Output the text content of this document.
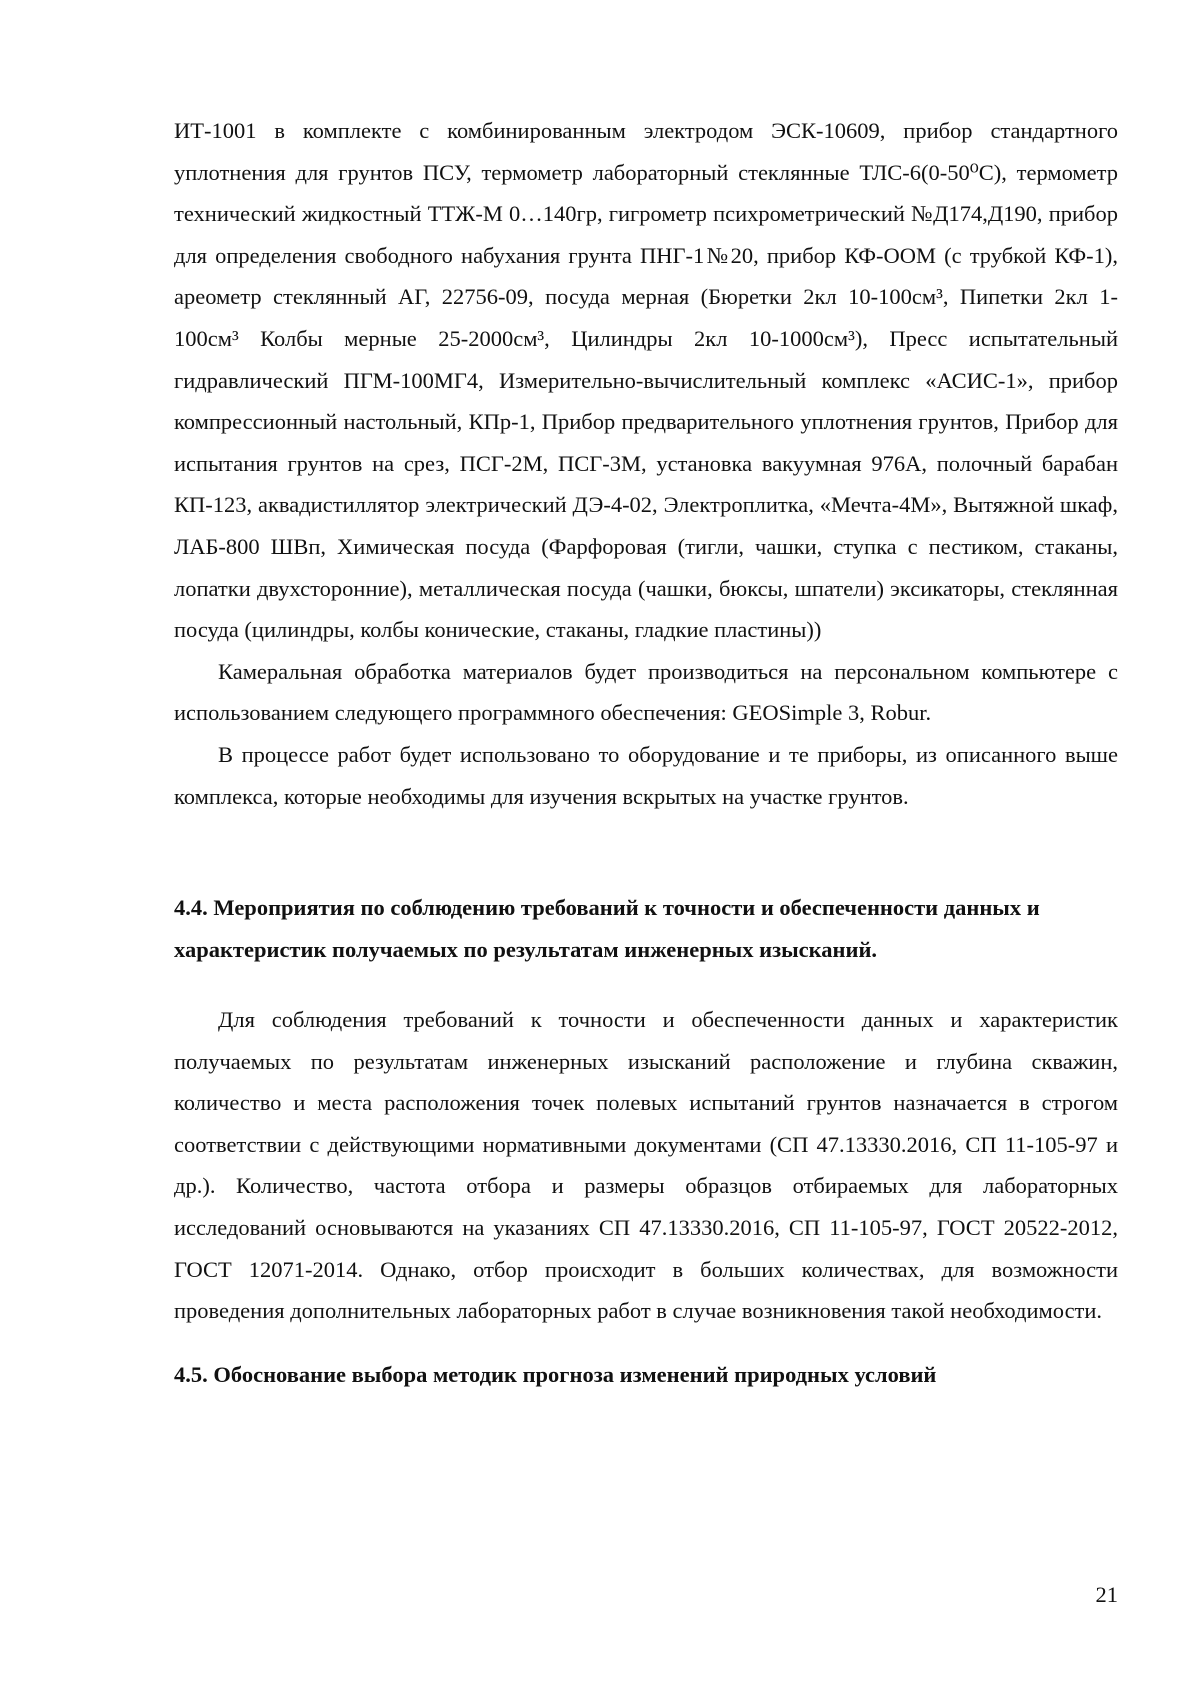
ИТ-1001 в комплекте с комбинированным электродом ЭСК-10609, прибор стандартного уплотнения для грунтов ПСУ, термометр лабораторный стеклянные ТЛС-6(0-50⁰С), термометр технический жидкостный ТТЖ-М 0…140гр, гигрометр психрометрический №Д174,Д190, прибор для определения свободного набухания грунта ПНГ-1№20, прибор КФ-ООМ (с трубкой КФ-1), ареометр стеклянный АГ, 22756-09, посуда мерная (Бюретки 2кл 10-100см³, Пипетки 2кл 1-100см³ Колбы мерные 25-2000см³, Цилиндры 2кл 10-1000см³), Пресс испытательный гидравлический ПГМ-100МГ4, Измерительно-вычислительный комплекс «АСИС-1», прибор компрессионный настольный, КПр-1, Прибор предварительного уплотнения грунтов, Прибор для испытания грунтов на срез, ПСГ-2М, ПСГ-3М, установка вакуумная 976А, полочный барабан КП-123, аквадистиллятор электрический ДЭ-4-02, Электроплитка, «Мечта-4М», Вытяжной шкаф, ЛАБ-800 ШВп, Химическая посуда (Фарфоровая (тигли, чашки, ступка с пестиком, стаканы, лопатки двухсторонние), металлическая посуда (чашки, бюксы, шпатели) эксикаторы, стеклянная посуда (цилиндры, колбы конические, стаканы, гладкие пластины))

Камеральная обработка материалов будет производиться на персональном компьютере с использованием следующего программного обеспечения: GEOSimple 3, Robur.

В процессе работ будет использовано то оборудование и те приборы, из описанного выше комплекса, которые необходимы для изучения вскрытых на участке грунтов.

4.4. Мероприятия по соблюдению требований к точности и обеспеченности данных и характеристик получаемых по результатам инженерных изысканий.

Для соблюдения требований к точности и обеспеченности данных и характеристик получаемых по результатам инженерных изысканий расположение и глубина скважин, количество и места расположения точек полевых испытаний грунтов назначается в строгом соответствии с действующими нормативными документами (СП 47.13330.2016, СП 11-105-97 и др.). Количество, частота отбора и размеры образцов отбираемых для лабораторных исследований основываются на указаниях СП 47.13330.2016, СП 11-105-97, ГОСТ 20522-2012, ГОСТ 12071-2014. Однако, отбор происходит в больших количествах, для возможности проведения дополнительных лабораторных работ в случае возникновения такой необходимости.

4.5. Обоснование выбора методик прогноза изменений природных условий
21
